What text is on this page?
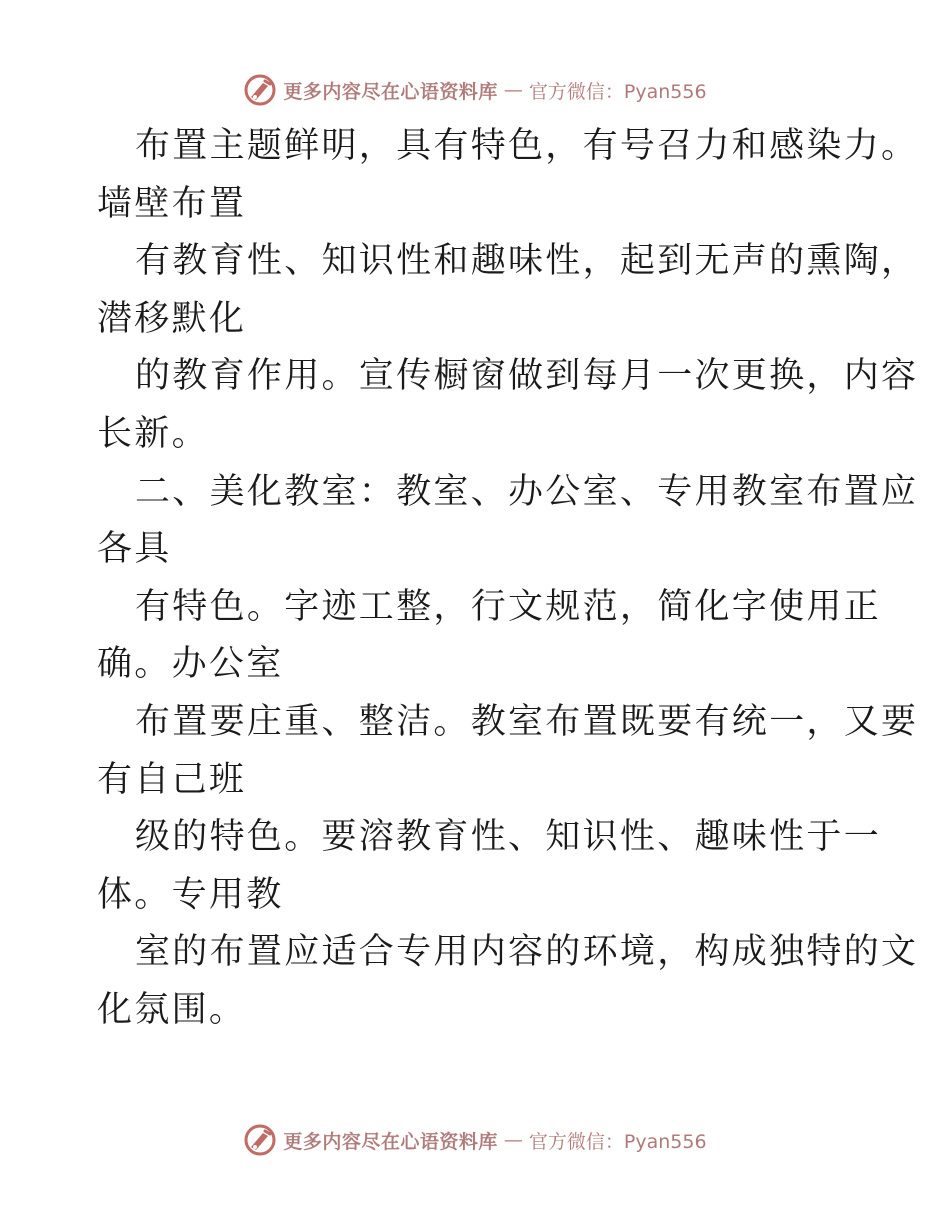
更多内容尽在心语资料库 — 官方微信：Pyan556
布置主题鲜明，具有特色，有号召力和感染力。
墙壁布置
有教育性、知识性和趣味性，起到无声的熏陶，
潜移默化
的教育作用。宣传橱窗做到每月一次更换，内容
长新。
二、美化教室：教室、办公室、专用教室布置应
各具
有特色。字迹工整，行文规范，简化字使用正
确。办公室
布置要庄重、整洁。教室布置既要有统一，又要
有自己班
级的特色。要溶教育性、知识性、趣味性于一
体。专用教
室的布置应适合专用内容的环境，构成独特的文
化氛围。
更多内容尽在心语资料库 — 官方微信：Pyan556
